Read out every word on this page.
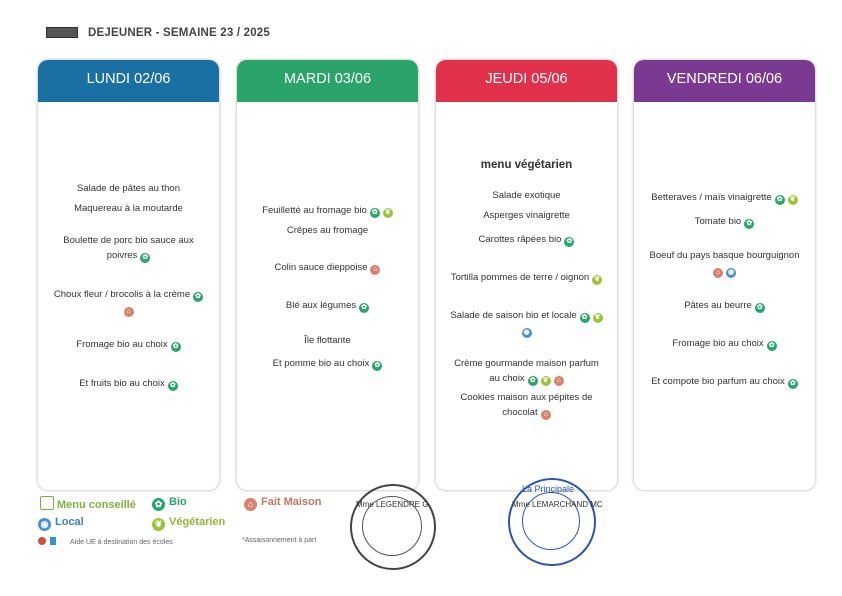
DEJEUNER - SEMAINE 23 / 2025
LUNDI 02/06
Salade de pâtes au thon
Maquereau à la moutarde
Boulette de porc bio sauce aux poivres ✿
Choux fleur / brocolis à la crème ✿
⌂
Fromage bio au choix ✿
Et fruits bio au choix ✿
MARDI 03/06
Feuilletté au fromage bio ✿ ❦
Crêpes au fromage
Colin sauce dieppoise ⌂
Blé aux légumes ✿
Île flottante
Et pomme bio au choix ✿
JEUDI 05/06
menu végétarien
Salade exotique
Asperges vinaigrette
Carottes râpées bio ✿
Tortilla pommes de terre / oignon ❦
Salade de saison bio et locale ✿ ❦
◉
Crème gourmande maison parfum au choix ✿ ❦ ⌂
Cookies maison aux pépites de chocolat ⌂
VENDREDI 06/06
Betteraves / maïs vinaigrette ✿ ❦
Tomate bio ✿
Boeuf du pays basque bourguignon
⌂ ◉
Pâtes au beurre ✿
Fromage bio au choix ✿
Et compote bio parfum au choix ✿
Menu conseillé	✿ Bio	⌂ Fait Maison
◉ Local	❦ Végétarien
Aide UE à destination des écoles	*Assaisonnement à part
Mme LEGENDRE G.
La Principale
Mme LEMARCHAND MC
